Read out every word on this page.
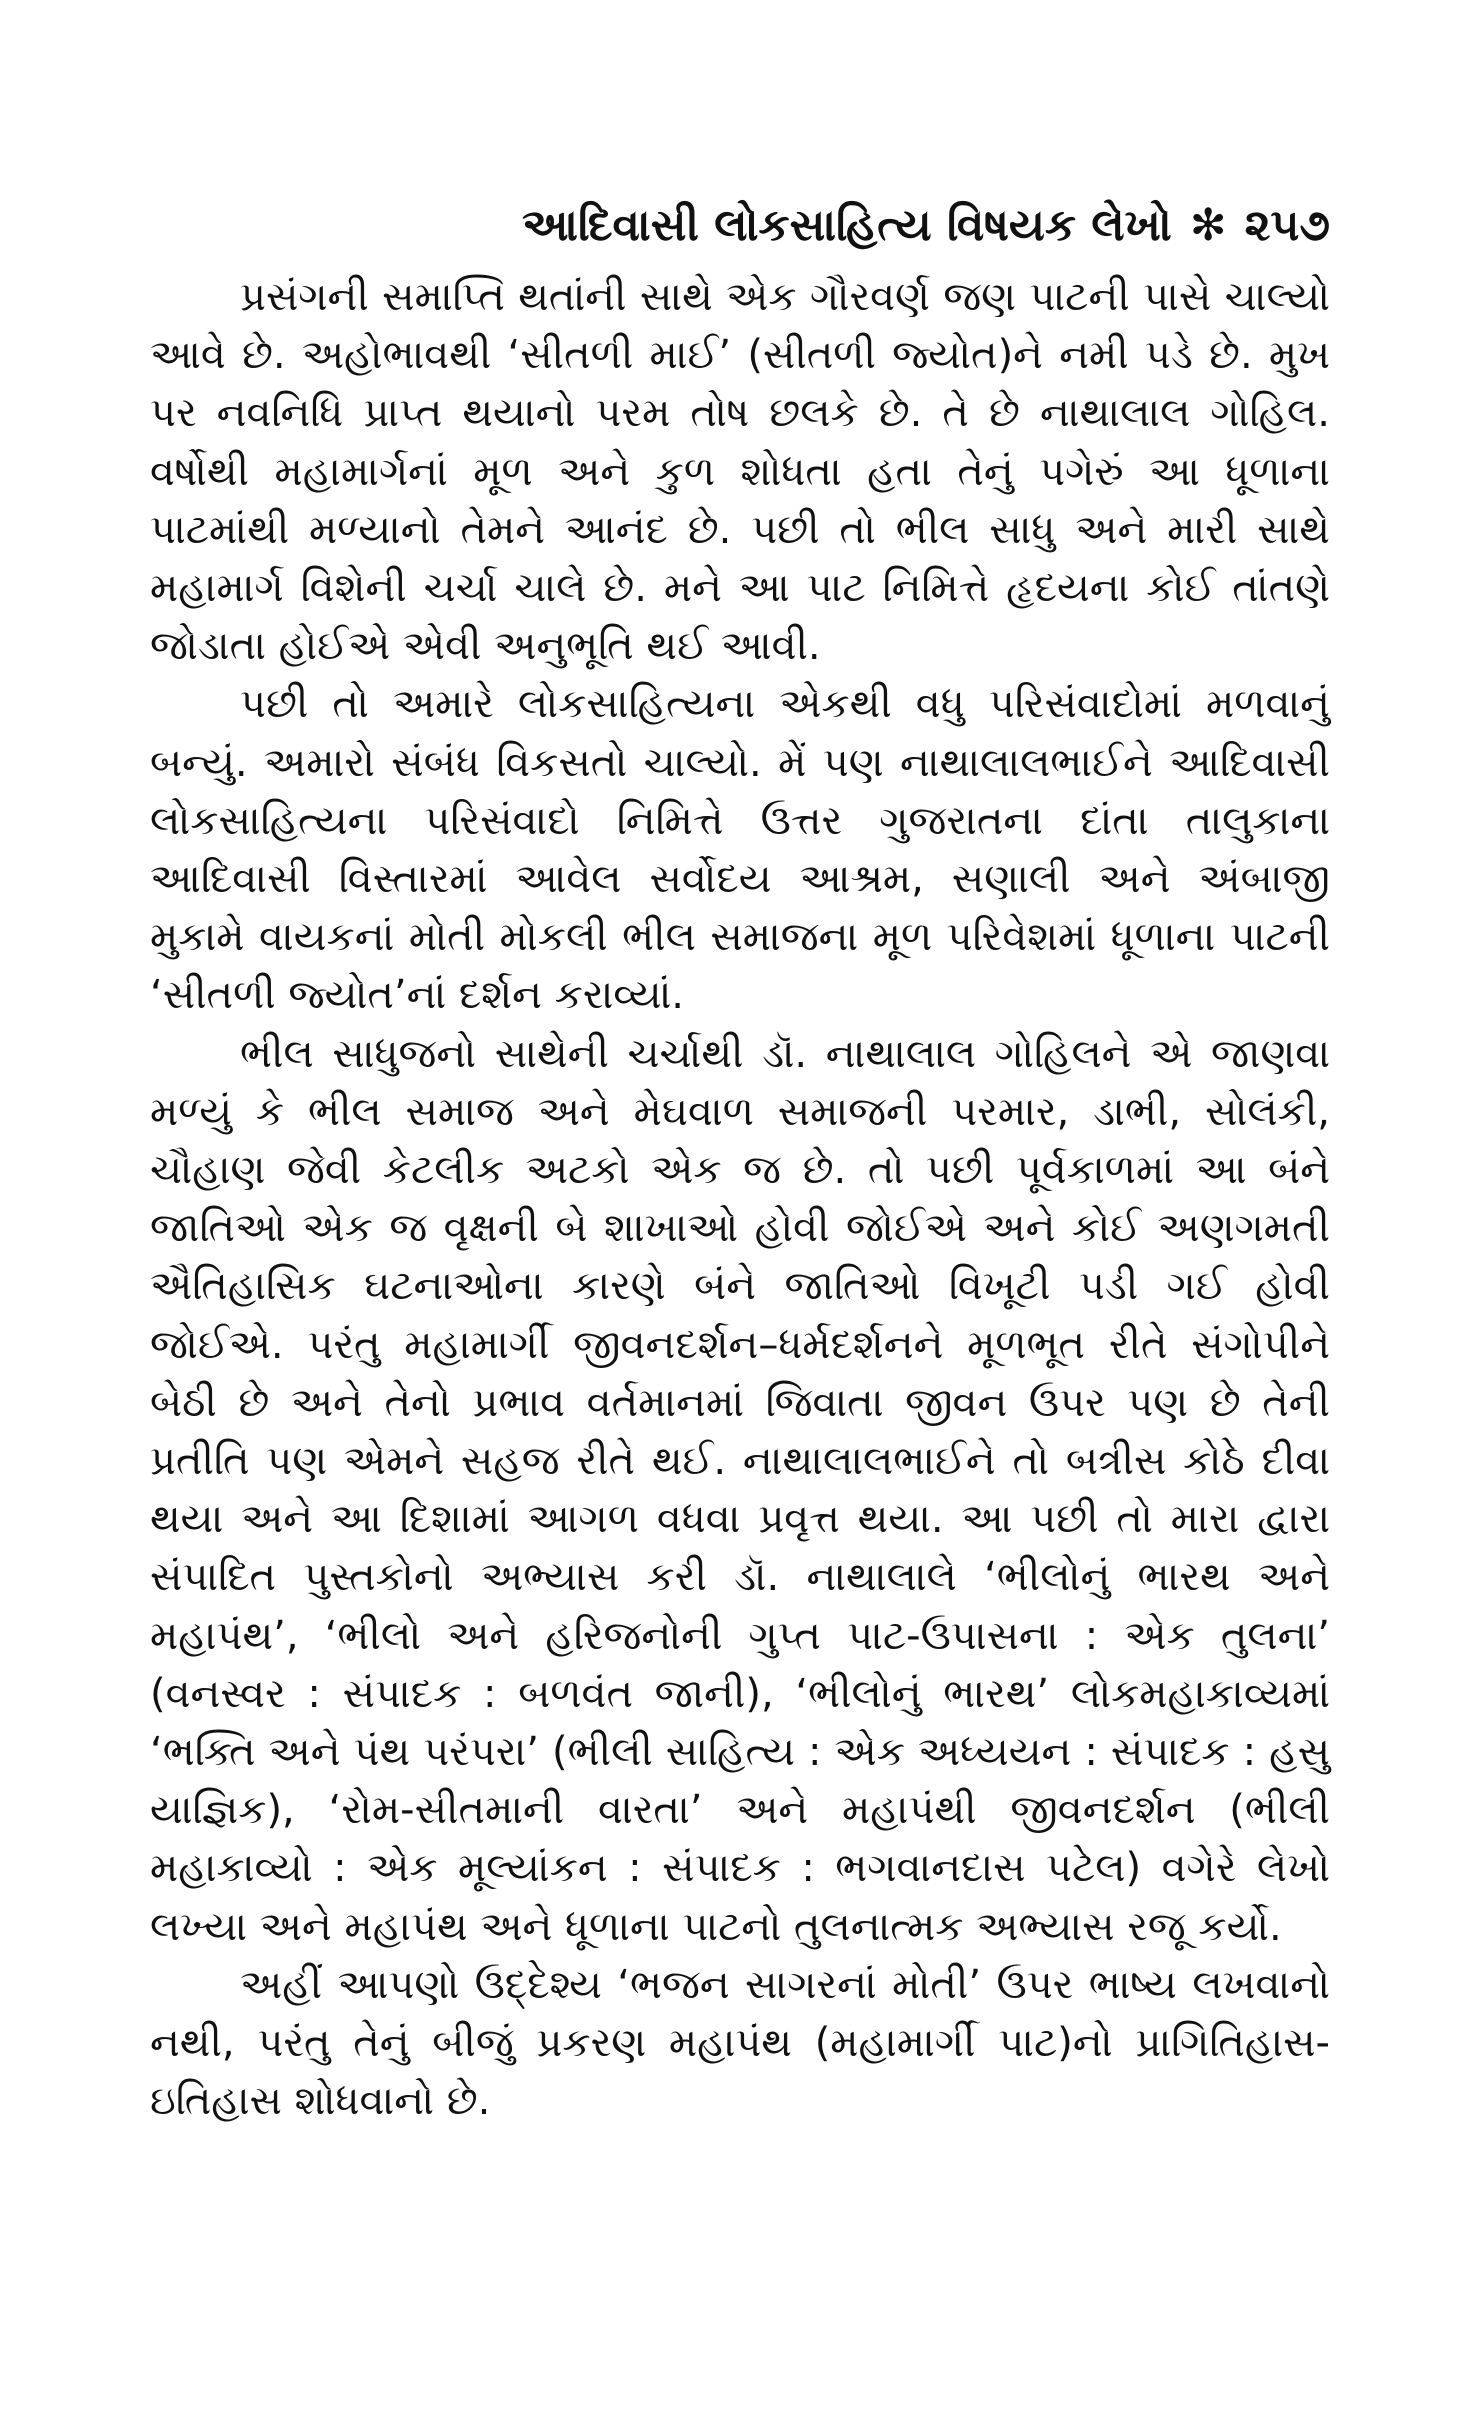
આદિવાસી લોકસાહિત્ય વિષયક લેખો ✻ ૨૫૭

પ્રસંગની સમાપ્તિ થતાંની સાથે એક ગૌરવર્ણ જણ પાટની પાસે ચાલ્યો આવે છે. અહોભાવથી ‘સીતળી માઈ’ (સીતળી જ્યોત)ને નમી પડે છે. મુખ પર નવનિધિ પ્રાપ્ત થયાનો પરમ તોષ છલકે છે. તે છે નાથાલાલ ગોહિલ. વર્ષોથી મહામાર્ગનાં મૂળ અને કુળ શોધતા હતા તેનું પગેરું આ ધૂળાના પાટમાંથી મળ્યાનો તેમને આનંદ છે. પછી તો ભીલ સાધુ અને મારી સાથે મહામાર્ગ વિશેની ચર્ચા ચાલે છે. મને આ પાટ નિમિત્તે હૃદયના કોઈ તાંતણે જોડાતા હોઈએ એવી અનુભૂતિ થઈ આવી.

પછી તો અમારે લોકસાહિત્યના એકથી વધુ પરિસંવાદોમાં મળવાનું બન્યું. અમારો સંબંધ વિકસતો ચાલ્યો. મેં પણ નાથાલાલભાઈને આદિવાસી લોકસાહિત્યના પરિસંવાદો નિમિત્તે ઉત્તર ગુજરાતના દાંતા તાલુકાના આદિવાસી વિસ્તારમાં આવેલ સર્વોદય આશ્રમ, સણાલી અને અંબાજી મુકામે વાયકનાં મોતી મોકલી ભીલ સમાજના મૂળ પરિવેશમાં ધૂળાના પાટની ‘સીતળી જ્યોત’નાં દર્શન કરાવ્યાં.

ભીલ સાધુજનો સાથેની ચર્ચાથી ડૉ. નાથાલાલ ગોહિલને એ જાણવા મળ્યું કે ભીલ સમાજ અને મેઘવાળ સમાજની પરમાર, ડાભી, સોલંકી, ચૌહાણ જેવી કેટલીક અટકો એક જ છે. તો પછી પૂર્વકાળમાં આ બંને જાતિઓ એક જ વૃક્ષની બે શાખાઓ હોવી જોઈએ અને કોઈ અણગમતી ઐતિહાસિક ઘટનાઓના કારણે બંને જાતિઓ વિખૂટી પડી ગઈ હોવી જોઈએ. પરંતુ મહામાર્ગી જીવનદર્શન–ધર્મદર્શનને મૂળભૂત રીતે સંગોપીને બેઠી છે અને તેનો પ્રભાવ વર્તમાનમાં જિવાતા જીવન ઉપર પણ છે તેની પ્રતીતિ પણ એમને સહજ રીતે થઈ. નાથાલાલભાઈને તો બત્રીસ કોઠે દીવા થયા અને આ દિશામાં આગળ વધવા પ્રવૃત્ત થયા. આ પછી તો મારા દ્વારા સંપાદિત પુસ્તકોનો અભ્યાસ કરી ડૉ. નાથાલાલે ‘ભીલોનું ભારથ અને મહાપંથ’, ‘ભીલો અને હરિજનોની ગુપ્ત પાટ-ઉપાસના : એક તુલના’ (વનસ્વર : સંપાદક : બળવંત જાની), ‘ભીલોનું ભારથ’ લોકમહાકાવ્યમાં ‘ભક્તિ અને પંથ પરંપરા’ (ભીલી સાહિત્ય : એક અધ્યયન : સંપાદક : હસુ યાજ્ઞિક), ‘રોમ-સીતમાની વારતા’ અને મહાપંથી જીવનદર્શન (ભીલી મહાકાવ્યો : એક મૂલ્યાંકન : સંપાદક : ભગવાનદાસ પટેલ) વગેરે લેખો લખ્યા અને મહાપંથ અને ધૂળાના પાટનો તુલનાત્મક અભ્યાસ રજૂ કર્યો.

અહીં આપણો ઉદ્દેશ્ય ‘ભજન સાગરનાં મોતી’ ઉપર ભાષ્ય લખવાનો નથી, પરંતુ તેનું બીજું પ્રકરણ મહાપંથ (મહામાર્ગી પાટ)નો પ્રાગિતિહાસ-ઇતિહાસ શોધવાનો છે.
